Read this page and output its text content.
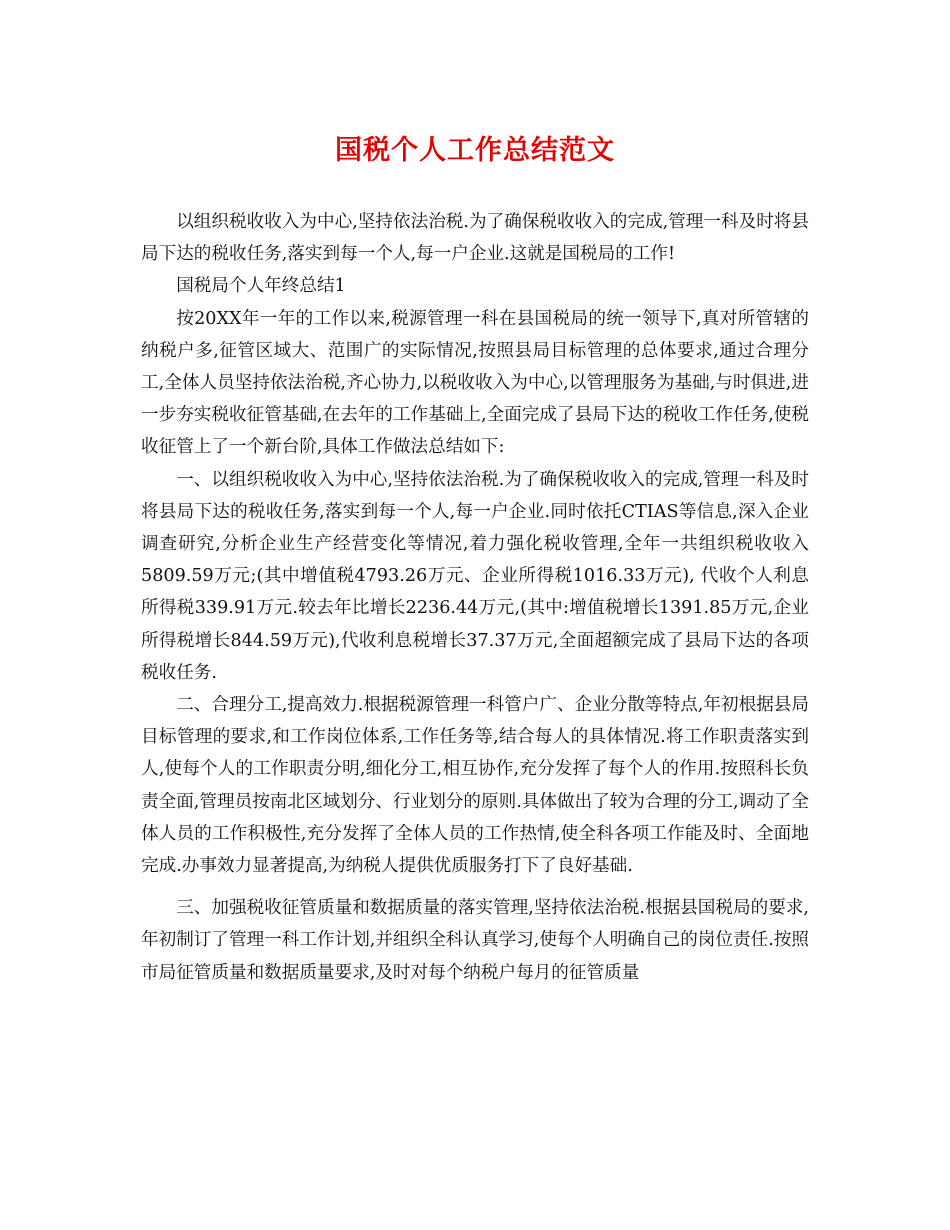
国税个人工作总结范文

以组织税收收入为中心,坚持依法治税.为了确保税收收入的完成,管理一科及时将县局下达的税收任务,落实到每一个人,每一户企业.这就是国税局的工作!

国税局个人年终总结1

按20XX年一年的工作以来,税源管理一科在县国税局的统一领导下,真对所管辖的纳税户多,征管区域大、范围广的实际情况,按照县局目标管理的总体要求,通过合理分工,全体人员坚持依法治税,齐心协力,以税收收入为中心,以管理服务为基础,与时俱进,进一步夯实税收征管基础,在去年的工作基础上,全面完成了县局下达的税收工作任务,使税收征管上了一个新台阶,具体工作做法总结如下:

一、以组织税收收入为中心,坚持依法治税.为了确保税收收入的完成,管理一科及时将县局下达的税收任务,落实到每一个人,每一户企业.同时依托CTIAS等信息,深入企业调查研究,分析企业生产经营变化等情况,着力强化税收管理,全年一共组织税收收入5809.59万元;(其中增值税4793.26万元、企业所得税1016.33万元), 代收个人利息所得税339.91万元.较去年比增长2236.44万元,(其中:增值税增长1391.85万元,企业所得税增长844.59万元),代收利息税增长37.37万元,全面超额完成了县局下达的各项税收任务.

二、合理分工,提高效力.根据税源管理一科管户广、企业分散等特点,年初根据县局目标管理的要求,和工作岗位体系,工作任务等,结合每人的具体情况.将工作职责落实到人,使每个人的工作职责分明,细化分工,相互协作,充分发挥了每个人的作用.按照科长负责全面,管理员按南北区域划分、行业划分的原则.具体做出了较为合理的分工,调动了全体人员的工作积极性,充分发挥了全体人员的工作热情,使全科各项工作能及时、全面地完成.办事效力显著提高,为纳税人提供优质服务打下了良好基础.

三、加强税收征管质量和数据质量的落实管理,坚持依法治税.根据县国税局的要求,年初制订了管理一科工作计划,并组织全科认真学习,使每个人明确自己的岗位责任.按照市局征管质量和数据质量要求,及时对每个纳税户每月的征管质量
